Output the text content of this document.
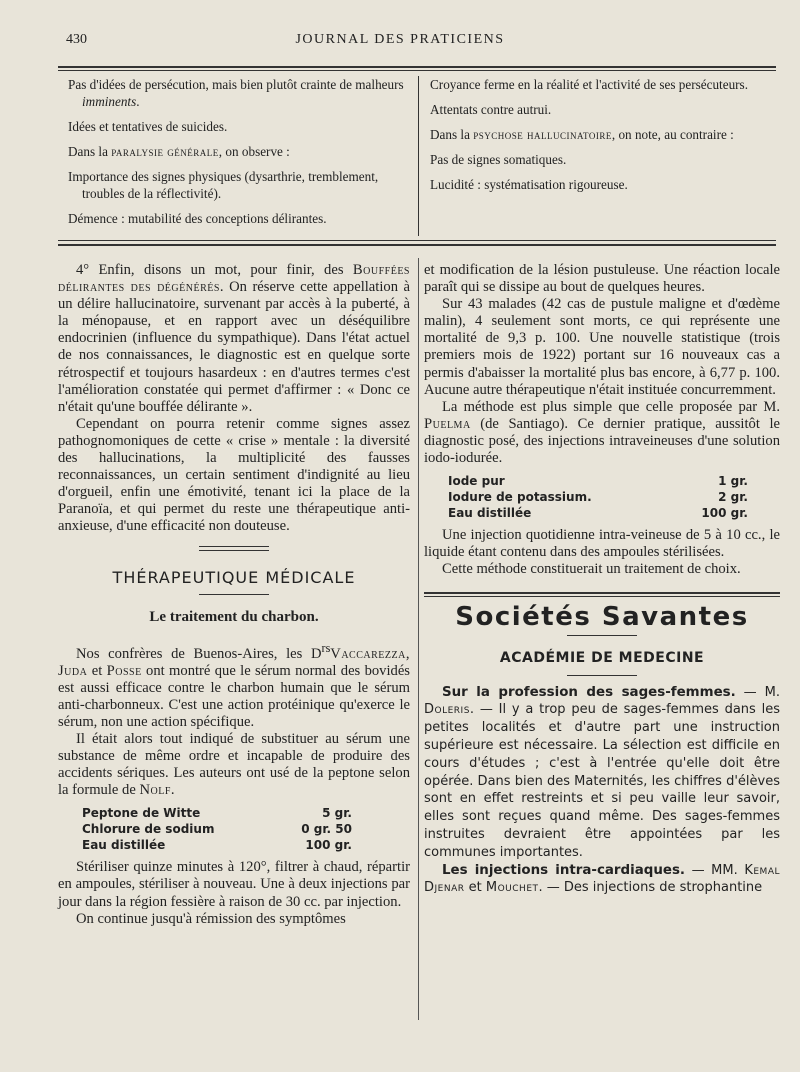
JOURNAL DES PRATICIENS
430
Pas d'idées de persécution, mais bien plutôt crainte de malheurs imminents.
Idées et tentatives de suicides.
Dans la paralysie générale, on observe :
Importance des signes physiques (dysarthrie, tremblement, troubles de la réflectivité).
Démence : mutabilité des conceptions délirantes.
Croyance ferme en la réalité et l'activité de ses persécuteurs.
Attentats contre autrui.
Dans la psychose hallucinatoire, on note, au contraire :
Pas de signes somatiques.
Lucidité : systématisation rigoureuse.

4° Enfin, disons un mot, pour finir, des Bouffées délirantes des dégénérés. On réserve cette appellation à un délire hallucinatoire, survenant par accès à la puberté, à la ménopause, et en rapport avec un déséquilibre endocrinien (influence du sympathique). Dans l'état actuel de nos connaissances, le diagnostic est en quelque sorte rétrospectif et toujours hasardeux : en d'autres termes c'est l'amélioration constatée qui permet d'affirmer : « Donc ce n'était qu'une bouffée délirante ».

Cependant on pourra retenir comme signes assez pathognomoniques de cette « crise » mentale : la diversité des hallucinations, la multiplicité des fausses reconnaissances, un certain sentiment d'indignité au lieu d'orgueil, enfin une émotivité, tenant ici la place de la Paranoïa, et qui permet du reste une thérapeutique anti-anxieuse, d'une efficacité non douteuse.

THÉRAPEUTIQUE MÉDICALE
Le traitement du charbon.

Nos confrères de Buenos-Aires, les $D^{rs}Vaccarezza$, Juda et Posse ont montré que le sérum normal des bovidés est aussi efficace contre le charbon humain que le sérum anti-charbonneux. C'est une action protéinique qu'exerce le sérum, non une action spécifique.

Il était alors tout indiqué de substituer au sérum une substance de même ordre et incapable de produire des accidents sériques. Les auteurs ont usé de la peptone selon la formule de Nolf.

Peptone de Witte	5 gr.
Chlorure de sodium	0 gr. 50
Eau distillée	100 gr.

Stériliser quinze minutes à 120°, filtrer à chaud, répartir en ampoules, stériliser à nouveau. Une à deux injections par jour dans la région fessière à raison de 30 cc. par injection.

On continue jusqu'à rémission des symptômes

et modification de la lésion pustuleuse. Une réaction locale paraît qui se dissipe au bout de quelques heures.

Sur 43 malades (42 cas de pustule maligne et d'œdème malin), 4 seulement sont morts, ce qui représente une mortalité de 9,3 p. 100. Une nouvelle statistique (trois premiers mois de 1922) portant sur 16 nouveaux cas a permis d'abaisser la mortalité plus bas encore, à 6,77 p. 100. Aucune autre thérapeutique n'était instituée concurremment.

La méthode est plus simple que celle proposée par M. Puelma (de Santiago). Ce dernier pratique, aussitôt le diagnostic posé, des injections intraveineuses d'une solution iodo-iodurée.

Iode pur	1 gr.
Iodure de potassium.	2 gr.
Eau distillée	100 gr.

Une injection quotidienne intra-veineuse de 5 à 10 cc., le liquide étant contenu dans des ampoules stérilisées.

Cette méthode constituerait un traitement de choix.

Sociétés Savantes
ACADÉMIE DE MEDECINE

Sur la profession des sages-femmes. — M. Doleris. — Il y a trop peu de sages-femmes dans les petites localités et d'autre part une instruction supérieure est nécessaire. La sélection est difficile en cours d'études ; c'est à l'entrée qu'elle doit être opérée. Dans bien des Maternités, les chiffres d'élèves sont en effet restreints et si peu vaille leur savoir, elles sont reçues quand même. Des sages-femmes instruites devraient être appointées par les communes importantes.

Les injections intra-cardiaques. — MM. Kemal Djenar et Mouchet. — Des injections de strophantine
